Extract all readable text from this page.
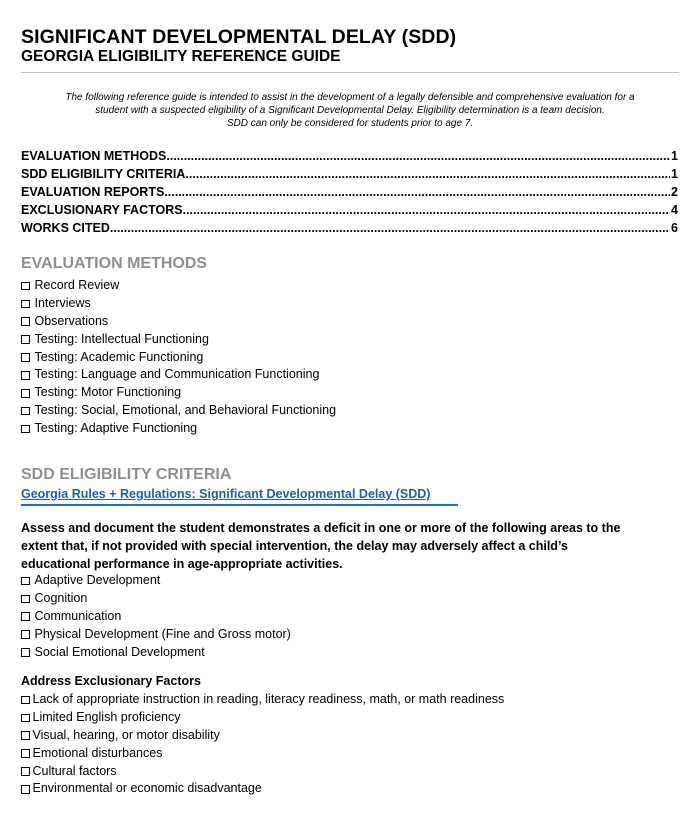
SIGNIFICANT DEVELOPMENTAL DELAY (SDD)
GEORGIA ELIGIBILITY REFERENCE GUIDE
The following reference guide is intended to assist in the development of a legally defensible and comprehensive evaluation for a
student with a suspected eligibility of a Significant Developmental Delay. Eligibility determination is a team decision.
SDD can only be considered for students prior to age 7.
EVALUATION METHODS .....	1
SDD ELIGIBILITY CRITERIA .....	1
EVALUATION REPORTS .....	2
EXCLUSIONARY FACTORS .....	4
WORKS CITED .....	6
EVALUATION METHODS
Record Review
Interviews
Observations
Testing: Intellectual Functioning
Testing: Academic Functioning
Testing: Language and Communication Functioning
Testing: Motor Functioning
Testing: Social, Emotional, and Behavioral Functioning
Testing: Adaptive Functioning
SDD ELIGIBILITY CRITERIA
Georgia Rules + Regulations: Significant Developmental Delay (SDD)
Assess and document the student demonstrates a deficit in one or more of the following areas to the
extent that, if not provided with special intervention, the delay may adversely affect a child’s
educational performance in age-appropriate activities.
Adaptive Development
Cognition
Communication
Physical Development (Fine and Gross motor)
Social Emotional Development
Address Exclusionary Factors
Lack of appropriate instruction in reading, literacy readiness, math, or math readiness
Limited English proficiency
Visual, hearing, or motor disability
Emotional disturbances
Cultural factors
Environmental or economic disadvantage
